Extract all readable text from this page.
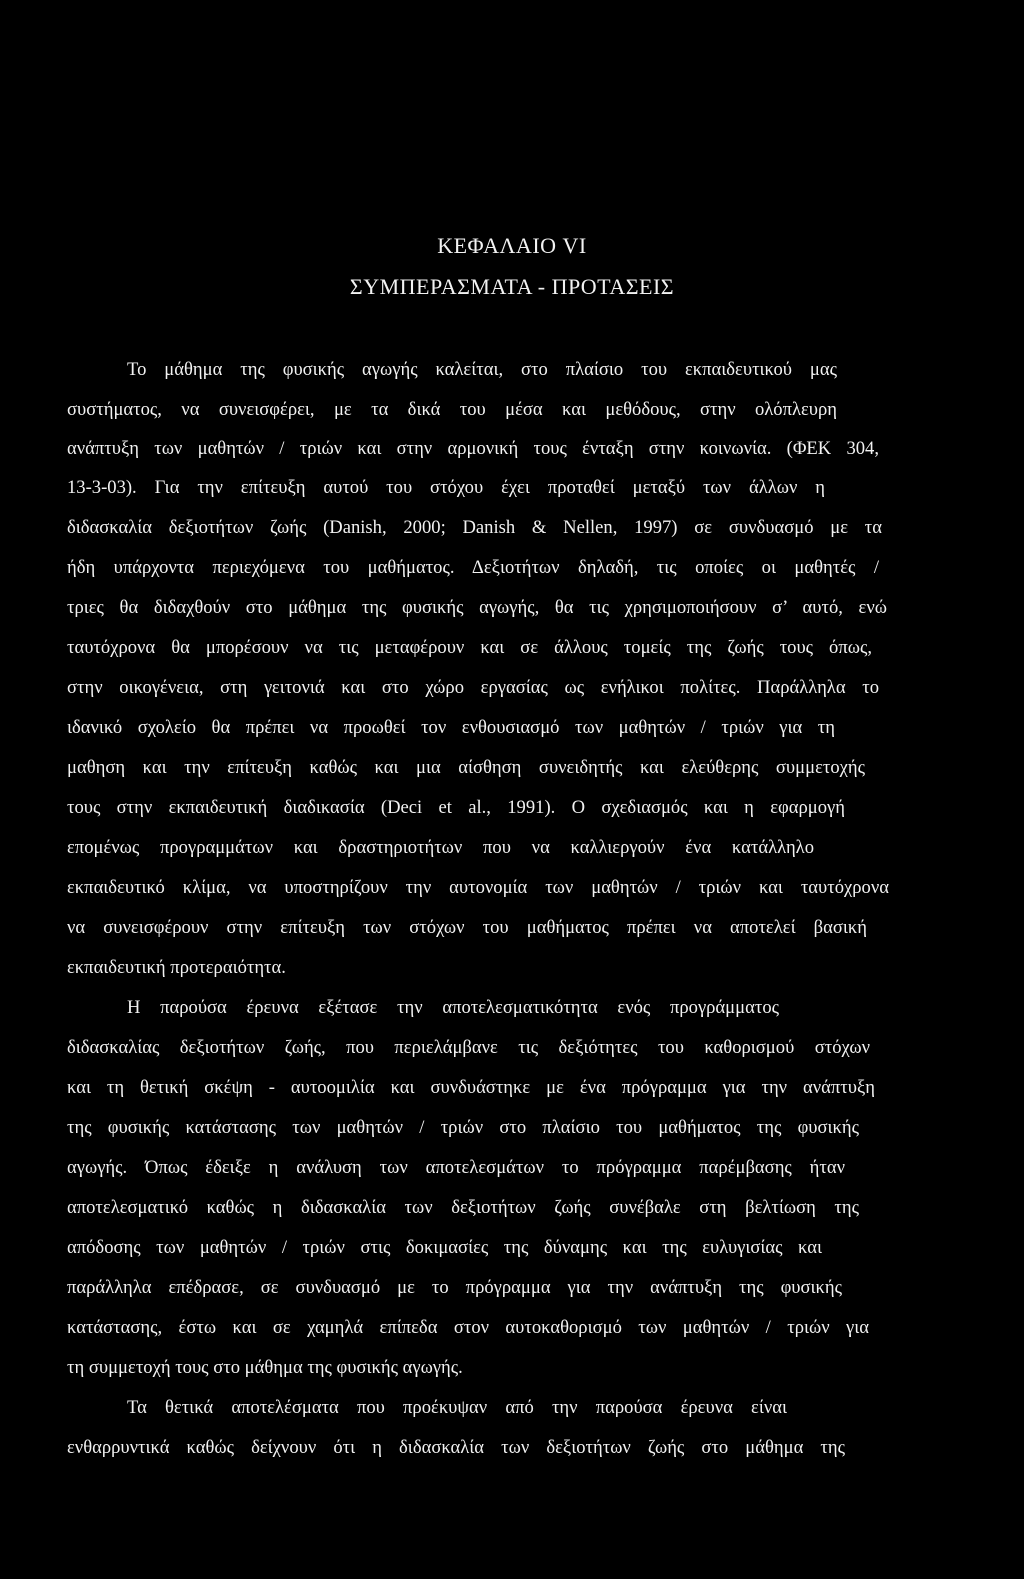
ΚΕΦΑΛΑΙΟ VI
ΣΥΜΠΕΡΑΣΜΑΤΑ - ΠΡΟΤΑΣΕΙΣ

Το μάθημα της φυσικής αγωγής καλείται, στο πλαίσιο του εκπαιδευτικού μας

συστήματος, να συνεισφέρει, με τα δικά του μέσα και μεθόδους, στην ολόπλευρη

ανάπτυξη των μαθητών / τριών και στην αρμονική τους ένταξη στην κοινωνία. (ΦΕΚ 304,

13-3-03). Για την επίτευξη αυτού του στόχου έχει προταθεί μεταξύ των άλλων η

διδασκαλία δεξιοτήτων ζωής (Danish, 2000; Danish & Nellen, 1997) σε συνδυασμό με τα

ήδη υπάρχοντα περιεχόμενα του μαθήματος. Δεξιοτήτων δηλαδή, τις οποίες οι μαθητές /

τριες θα διδαχθούν στο μάθημα της φυσικής αγωγής, θα τις χρησιμοποιήσουν σ’ αυτό, ενώ

ταυτόχρονα θα μπορέσουν να τις μεταφέρουν και σε άλλους τομείς της ζωής τους όπως,

στην οικογένεια, στη γειτονιά και στο χώρο εργασίας ως ενήλικοι πολίτες. Παράλληλα το

ιδανικό σχολείο θα πρέπει να προωθεί τον ενθουσιασμό των μαθητών / τριών για τη

μαθηση και την επίτευξη καθώς και μια αίσθηση συνειδητής και ελεύθερης συμμετοχής

τους στην εκπαιδευτική διαδικασία (Deci et al., 1991). Ο σχεδιασμός και η εφαρμογή

επομένως προγραμμάτων και δραστηριοτήτων που να καλλιεργούν ένα κατάλληλο

εκπαιδευτικό κλίμα, να υποστηρίζουν την αυτονομία των μαθητών / τριών και ταυτόχρονα

να συνεισφέρουν στην επίτευξη των στόχων του μαθήματος πρέπει να αποτελεί βασική

εκπαιδευτική προτεραιότητα.

Η παρούσα έρευνα εξέτασε την αποτελεσματικότητα ενός προγράμματος

διδασκαλίας δεξιοτήτων ζωής, που περιελάμβανε τις δεξιότητες του καθορισμού στόχων

και τη θετική σκέψη - αυτοομιλία και συνδυάστηκε με ένα πρόγραμμα για την ανάπτυξη

της φυσικής κατάστασης των μαθητών / τριών στο πλαίσιο του μαθήματος της φυσικής

αγωγής. Όπως έδειξε η ανάλυση των αποτελεσμάτων το πρόγραμμα παρέμβασης ήταν

αποτελεσματικό καθώς η διδασκαλία των δεξιοτήτων ζωής συνέβαλε στη βελτίωση της

απόδοσης των μαθητών / τριών στις δοκιμασίες της δύναμης και της ευλυγισίας και

παράλληλα επέδρασε, σε συνδυασμό με το πρόγραμμα για την ανάπτυξη της φυσικής

κατάστασης, έστω και σε χαμηλά επίπεδα στον αυτοκαθορισμό των μαθητών / τριών για

τη συμμετοχή τους στο μάθημα της φυσικής αγωγής.

Τα θετικά αποτελέσματα που προέκυψαν από την παρούσα έρευνα είναι

ενθαρρυντικά καθώς δείχνουν ότι η διδασκαλία των δεξιοτήτων ζωής στο μάθημα της
